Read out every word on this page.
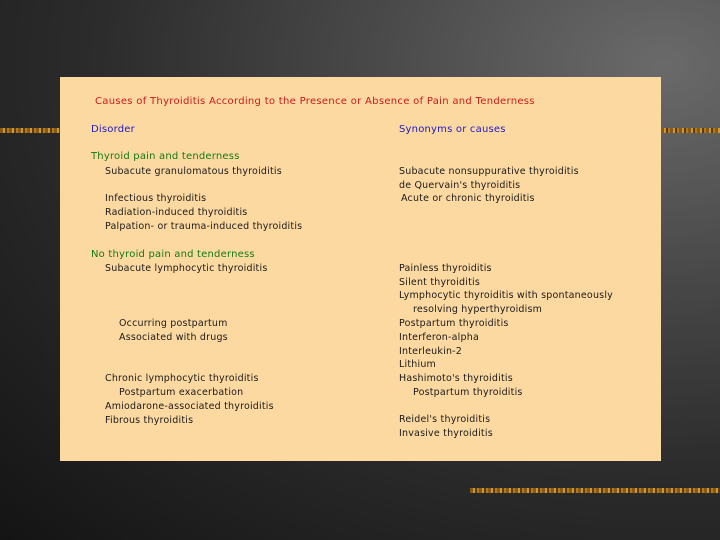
Causes of Thyroiditis According to the Presence or Absence of Pain and Tenderness
Disorder	Synonyms or causes
Thyroid pain and tenderness
Subacute granulomatous thyroiditis
Infectious thyroiditis
Radiation-induced thyroiditis
Palpation- or trauma-induced thyroiditis
No thyroid pain and tenderness
Subacute lymphocytic thyroiditis
Occurring postpartum
Associated with drugs
Chronic lymphocytic thyroiditis
Postpartum exacerbation
Amiodarone-associated thyroiditis
Fibrous thyroiditis
Subacute nonsuppurative thyroiditis
de Quervain's thyroiditis
Acute or chronic thyroiditis
Painless thyroiditis
Silent thyroiditis
Lymphocytic thyroiditis with spontaneously
resolving hyperthyroidism
Postpartum thyroiditis
Interferon-alpha
Interleukin-2
Lithium
Hashimoto's thyroiditis
Postpartum thyroiditis
Reidel's thyroiditis
Invasive thyroiditis
